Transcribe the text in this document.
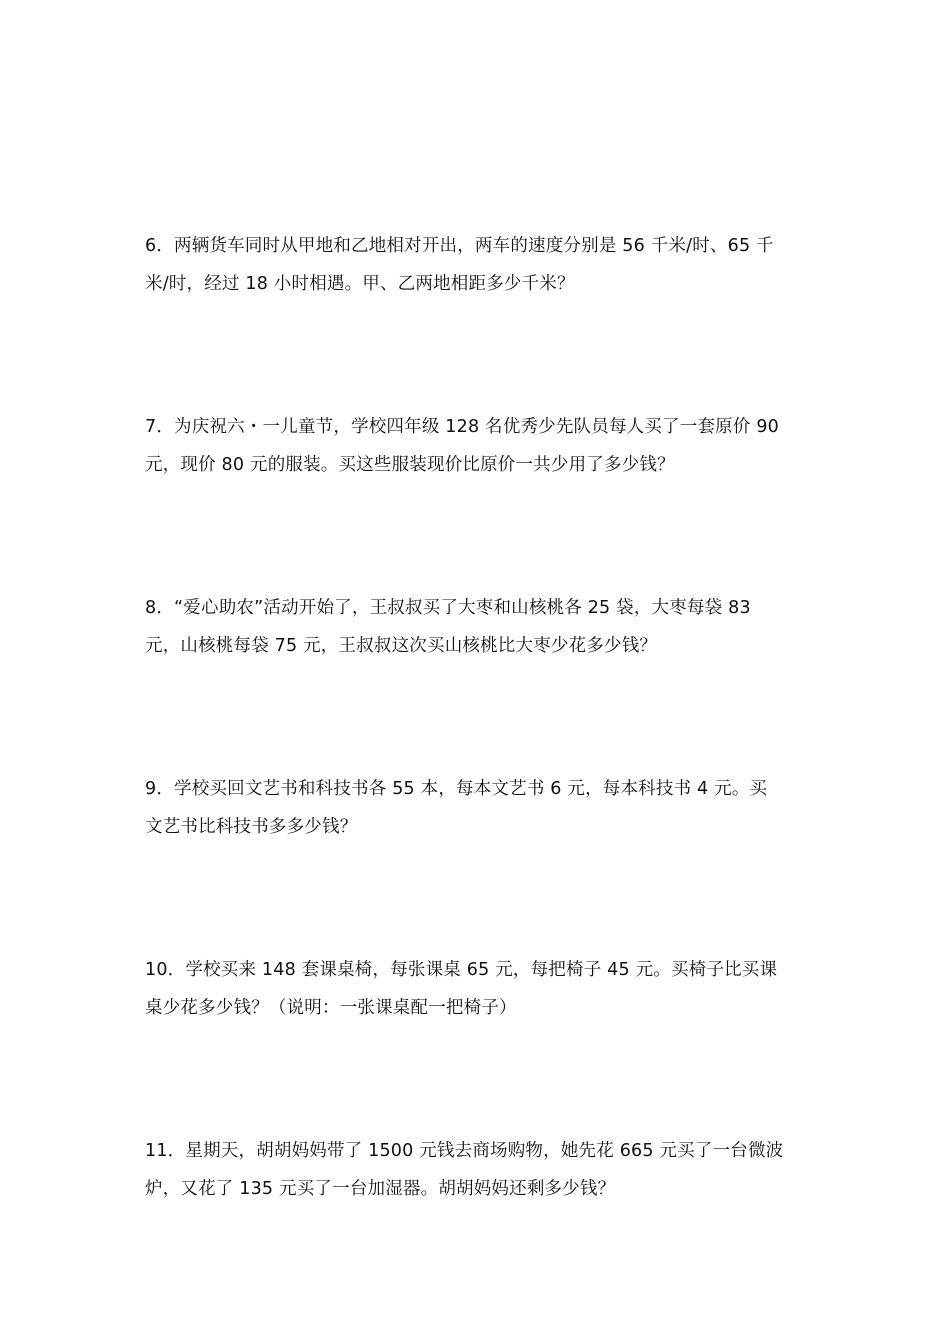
6．两辆货车同时从甲地和乙地相对开出，两车的速度分别是 56 千米/时、65 千
米/时，经过 18 小时相遇。甲、乙两地相距多少千米？
7．为庆祝六・一儿童节，学校四年级 128 名优秀少先队员每人买了一套原价 90
元，现价 80 元的服装。买这些服装现价比原价一共少用了多少钱？
8．“爱心助农”活动开始了，王叔叔买了大枣和山核桃各 25 袋，大枣每袋 83
元，山核桃每袋 75 元，王叔叔这次买山核桃比大枣少花多少钱？
9．学校买回文艺书和科技书各 55 本，每本文艺书 6 元，每本科技书 4 元。买
文艺书比科技书多多少钱？
10．学校买来 148 套课桌椅，每张课桌 65 元，每把椅子 45 元。买椅子比买课
桌少花多少钱？（说明：一张课桌配一把椅子）
11．星期天，胡胡妈妈带了 1500 元钱去商场购物，她先花 665 元买了一台微波
炉，又花了 135 元买了一台加湿器。胡胡妈妈还剩多少钱？
